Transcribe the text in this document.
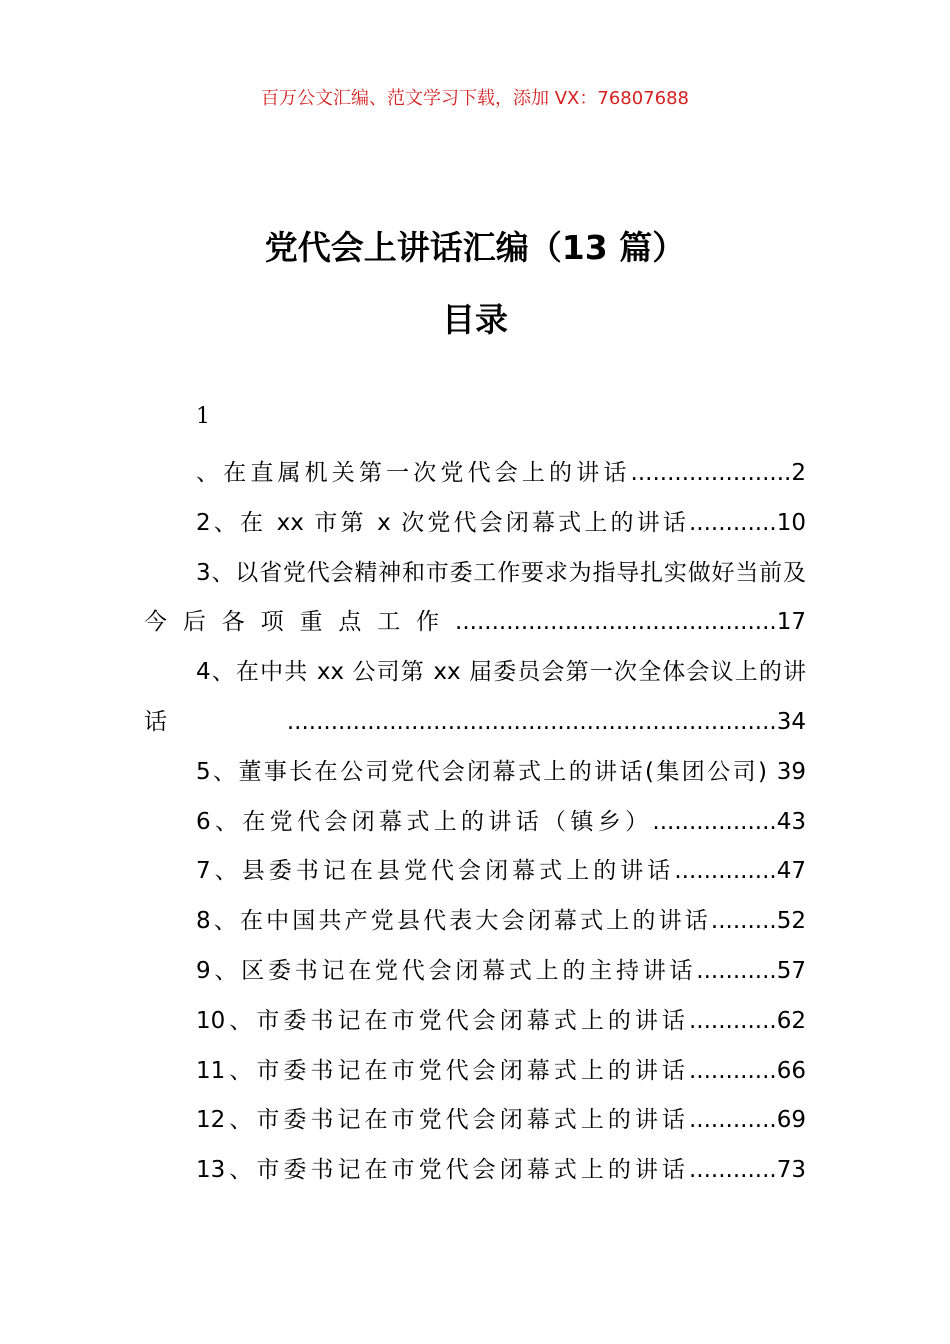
百万公文汇编、范文学习下载，添加 VX：76807688
党代会上讲话汇编（13 篇）
目录
1

、在直属机关第一次党代会上的讲话......................2

2、在 xx 市第 x 次党代会闭幕式上的讲话............10

3、以省党代会精神和市委工作要求为指导扎实做好当前及今后各项重点工作............................................17

4、在中共 xx 公司第 xx 届委员会第一次全体会议上的讲话...................................................................34

5、董事长在公司党代会闭幕式上的讲话(集团公司) 39

6、在党代会闭幕式上的讲话（镇乡）.................43

7、县委书记在县党代会闭幕式上的讲话..............47

8、在中国共产党县代表大会闭幕式上的讲话.........52

9、区委书记在党代会闭幕式上的主持讲话...........57

10、市委书记在市党代会闭幕式上的讲话............62

11、市委书记在市党代会闭幕式上的讲话............66

12、市委书记在市党代会闭幕式上的讲话............69

13、市委书记在市党代会闭幕式上的讲话............73
